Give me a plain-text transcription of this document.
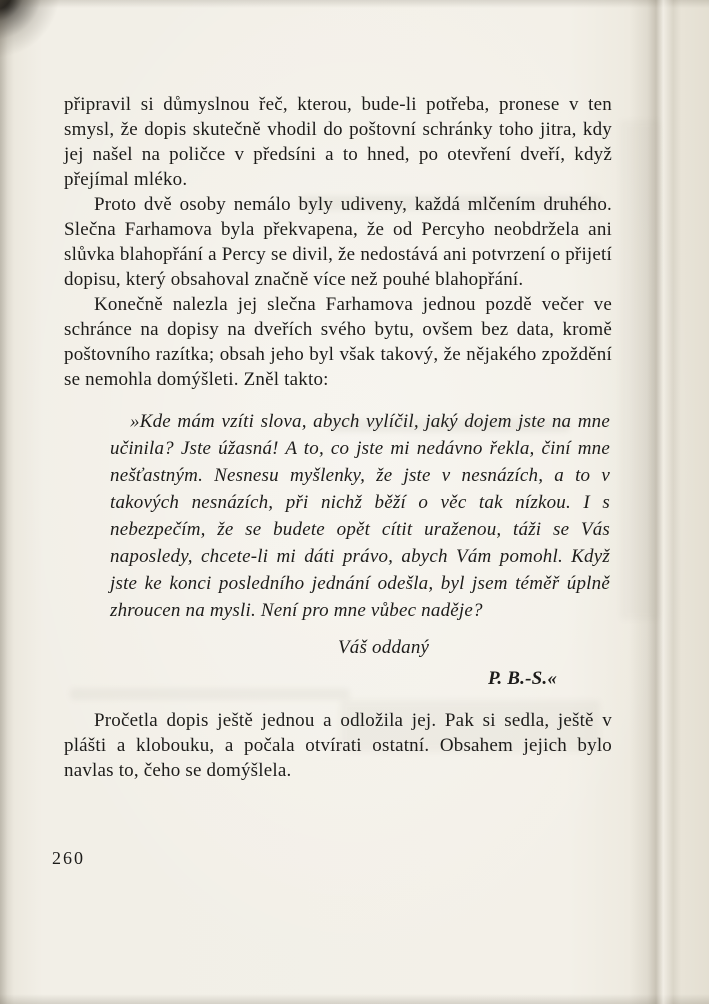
připravil si důmyslnou řeč, kterou, bude-li potřeba, pronese v ten smysl, že dopis skutečně vhodil do poštovní schránky toho jitra, kdy jej našel na poličce v předsíni a to hned, po otevření dveří, když přejímal mléko.

Proto dvě osoby nemálo byly udiveny, každá mlčením druhého. Slečna Farhamova byla překvapena, že od Percyho neobdržela ani slůvka blahopřání a Percy se divil, že nedostává ani potvrzení o přijetí dopisu, který obsahoval značně více než pouhé blahopřání.

Konečně nalezla jej slečna Farhamova jednou pozdě večer ve schránce na dopisy na dveřích svého bytu, ovšem bez data, kromě poštovního razítka; obsah jeho byl však takový, že nějakého zpoždění se nemohla domýšleti. Zněl takto:

»Kde mám vzíti slova, abych vylíčil, jaký dojem jste na mne učinila? Jste úžasná! A to, co jste mi nedávno řekla, činí mne nešťastným. Nesnesu myšlenky, že jste v nesnázích, a to v takových nesnázích, při nichž běží o věc tak nízkou. I s nebezpečím, že se budete opět cítit uraženou, táži se Vás naposledy, chcete-li mi dáti právo, abych Vám pomohl. Když jste ke konci posledního jednání odešla, byl jsem téměř úplně zhroucen na mysli. Není pro mne vůbec naděje?

Váš oddaný

P. B.-S.«

Pročetla dopis ještě jednou a odložila jej. Pak si sedla, ještě v plášti a klobouku, a počala otvírati ostatní. Obsahem jejich bylo navlas to, čeho se domýšlela.

260
